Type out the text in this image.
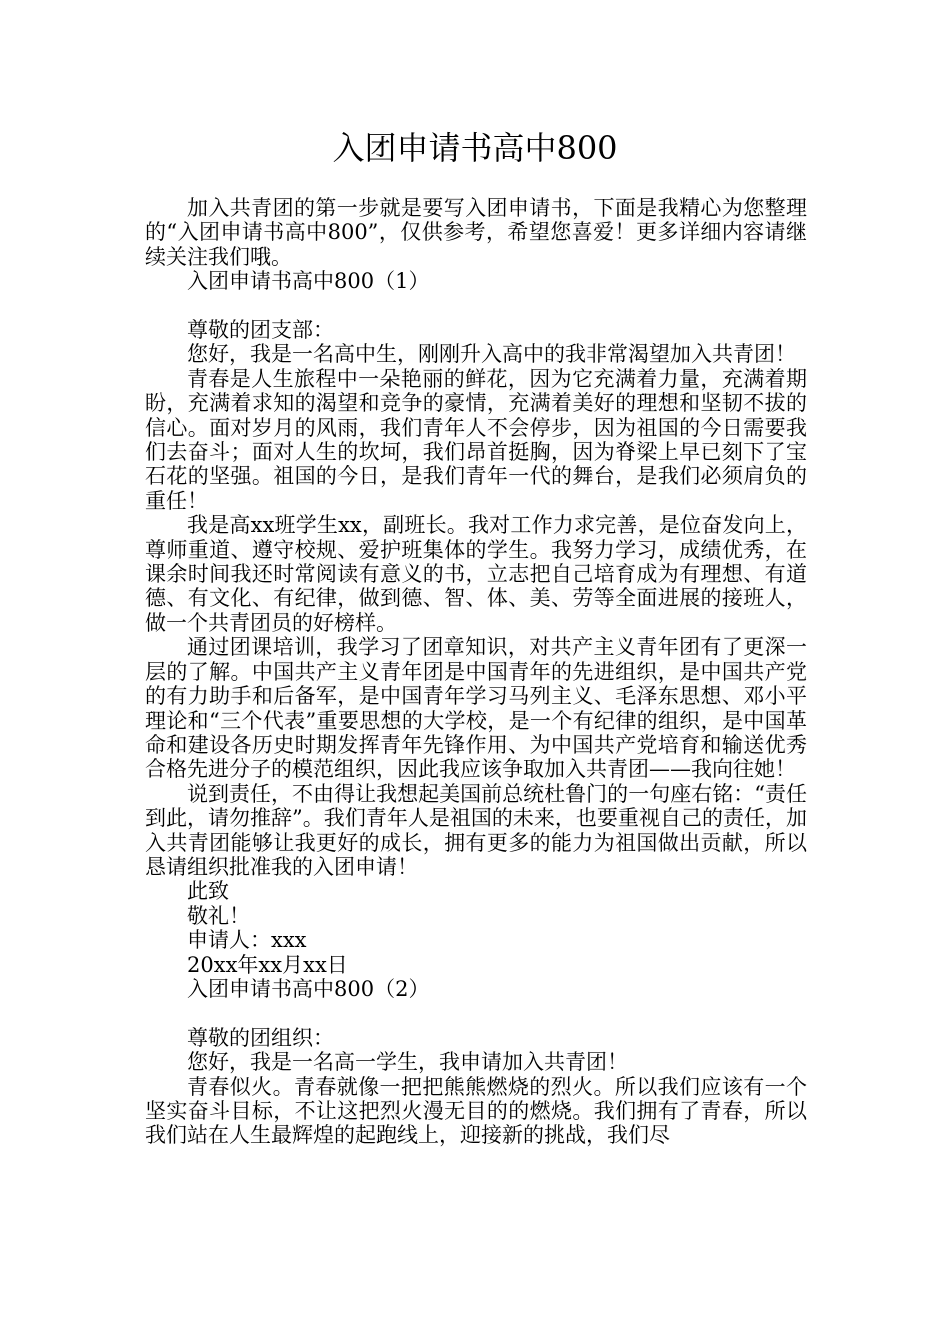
入团申请书高中800

加入共青团的第一步就是要写入团申请书，下面是我精心为您整理的“入团申请书高中800”，仅供参考，希望您喜爱！更多详细内容请继续关注我们哦。

入团申请书高中800（1）

尊敬的团支部：

您好，我是一名高中生，刚刚升入高中的我非常渴望加入共青团！

青春是人生旅程中一朵艳丽的鲜花，因为它充满着力量，充满着期盼，充满着求知的渴望和竞争的豪情，充满着美好的理想和坚韧不拔的信心。面对岁月的风雨，我们青年人不会停步，因为祖国的今日需要我们去奋斗；面对人生的坎坷，我们昂首挺胸，因为脊梁上早已刻下了宝石花的坚强。祖国的今日，是我们青年一代的舞台，是我们必须肩负的重任！

我是高xx班学生xx，副班长。我对工作力求完善，是位奋发向上，尊师重道、遵守校规、爱护班集体的学生。我努力学习，成绩优秀，在课余时间我还时常阅读有意义的书，立志把自己培育成为有理想、有道德、有文化、有纪律，做到德、智、体、美、劳等全面进展的接班人，做一个共青团员的好榜样。

通过团课培训，我学习了团章知识，对共产主义青年团有了更深一层的了解。中国共产主义青年团是中国青年的先进组织，是中国共产党的有力助手和后备军，是中国青年学习马列主义、毛泽东思想、邓小平理论和“三个代表”重要思想的大学校，是一个有纪律的组织，是中国革命和建设各历史时期发挥青年先锋作用、为中国共产党培育和输送优秀合格先进分子的模范组织，因此我应该争取加入共青团——我向往她！

说到责任，不由得让我想起美国前总统杜鲁门的一句座右铭：“责任到此，请勿推辞”。我们青年人是祖国的未来，也要重视自己的责任，加入共青团能够让我更好的成长，拥有更多的能力为祖国做出贡献，所以恳请组织批准我的入团申请！

此致

敬礼！

申请人：xxx

20xx年xx月xx日

入团申请书高中800（2）

尊敬的团组织：

您好，我是一名高一学生，我申请加入共青团！

青春似火。青春就像一把把熊熊燃烧的烈火。所以我们应该有一个坚实奋斗目标，不让这把烈火漫无目的的燃烧。我们拥有了青春，所以我们站在人生最辉煌的起跑线上，迎接新的挑战，我们尽
